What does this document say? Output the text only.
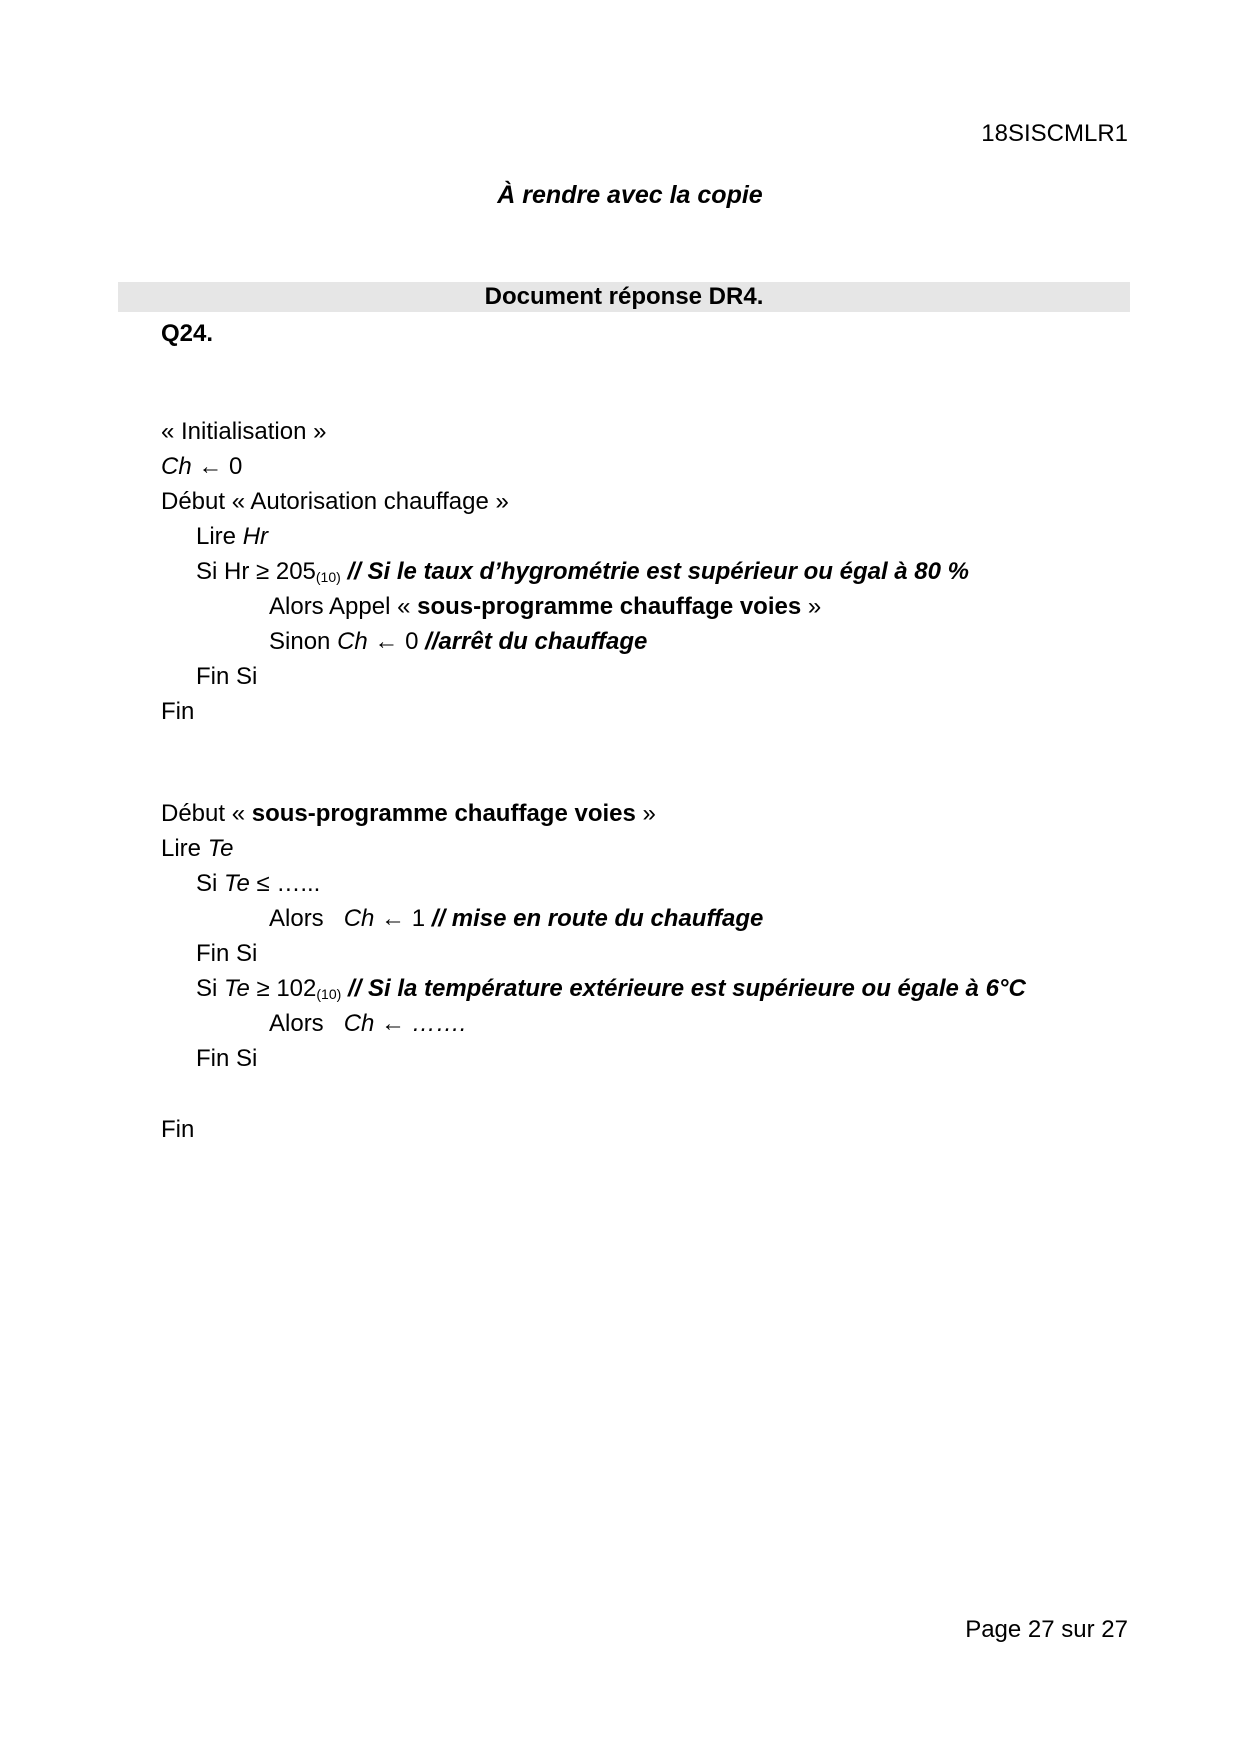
18SISCMLR1
À rendre avec la copie
Document réponse DR4.
Q24.
« Initialisation »
Ch ← 0
Début « Autorisation chauffage »
Lire Hr
Si $Hr \ge 205_{(10)} // Si$ le taux d’hygrométrie est supérieur ou égal à 80 %
Alors Appel « sous-programme chauffage voies »
Sinon Ch ← 0 //arrêt du chauffage
Fin Si
Fin
Début « sous-programme chauffage voies »
Lire Te
Si Te ≤ …...
Alors   Ch ← 1 // mise en route du chauffage
Fin Si
Si $Te \ge 102_{(10)} // Si$ la température extérieure est supérieure ou égale à 6°C
Alors   Ch ← …….
Fin Si
Fin
Page 27 sur 27
